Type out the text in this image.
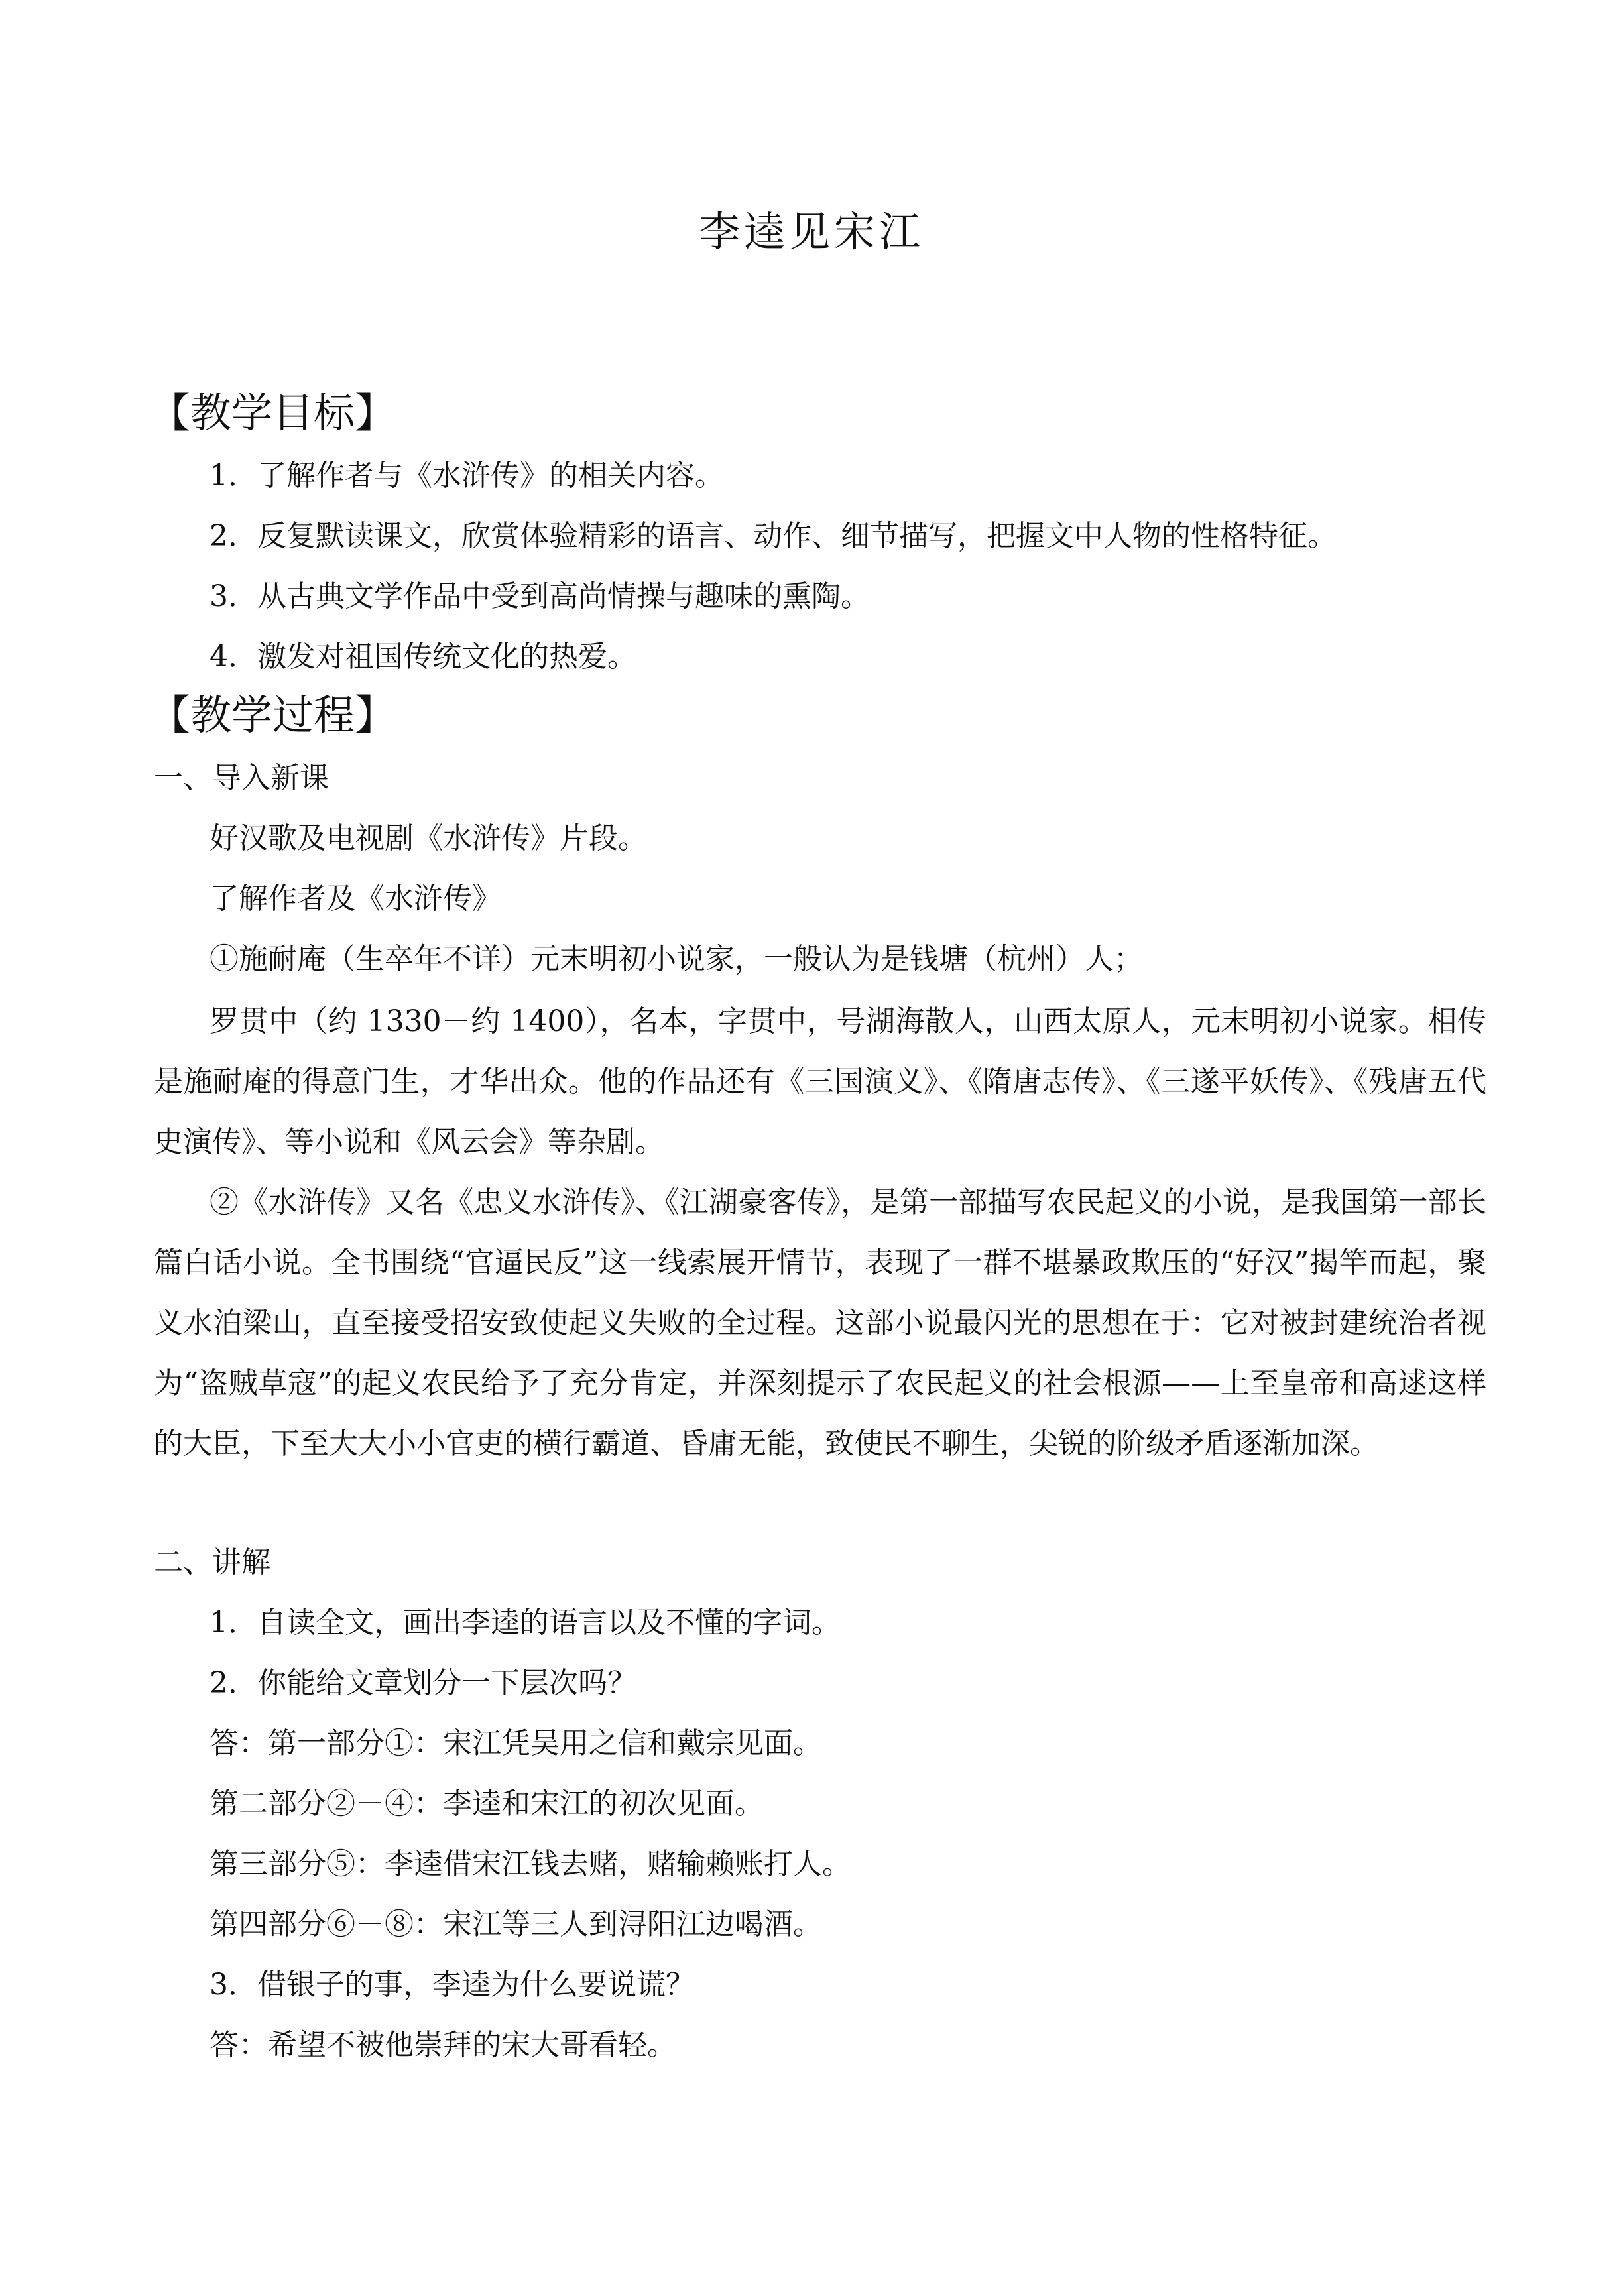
李逵见宋江
【教学目标】
1．了解作者与《水浒传》的相关内容。
2．反复默读课文，欣赏体验精彩的语言、动作、细节描写，把握文中人物的性格特征。
3．从古典文学作品中受到高尚情操与趣味的熏陶。
4．激发对祖国传统文化的热爱。
【教学过程】
一、导入新课
好汉歌及电视剧《水浒传》片段。
了解作者及《水浒传》
①施耐庵（生卒年不详）元末明初小说家，一般认为是钱塘（杭州）人；
罗贯中（约 1330－约 1400），名本，字贯中，号湖海散人，山西太原人，元末明初小说家。相传是施耐庵的得意门生，才华出众。他的作品还有《三国演义》、《隋唐志传》、《三遂平妖传》、《残唐五代史演传》、等小说和《风云会》等杂剧。
②《水浒传》又名《忠义水浒传》、《江湖豪客传》，是第一部描写农民起义的小说，是我国第一部长篇白话小说。全书围绕“官逼民反”这一线索展开情节，表现了一群不堪暴政欺压的“好汉”揭竿而起，聚义水泊梁山，直至接受招安致使起义失败的全过程。这部小说最闪光的思想在于：它对被封建统治者视为“盗贼草寇”的起义农民给予了充分肯定，并深刻提示了农民起义的社会根源——上至皇帝和高逑这样的大臣，下至大大小小官吏的横行霸道、昏庸无能，致使民不聊生，尖锐的阶级矛盾逐渐加深。
二、讲解
1．自读全文，画出李逵的语言以及不懂的字词。
2．你能给文章划分一下层次吗？
答：第一部分①：宋江凭吴用之信和戴宗见面。
第二部分②－④：李逵和宋江的初次见面。
第三部分⑤：李逵借宋江钱去赌，赌输赖账打人。
第四部分⑥－⑧：宋江等三人到浔阳江边喝酒。
3．借银子的事，李逵为什么要说谎？
答：希望不被他崇拜的宋大哥看轻。
